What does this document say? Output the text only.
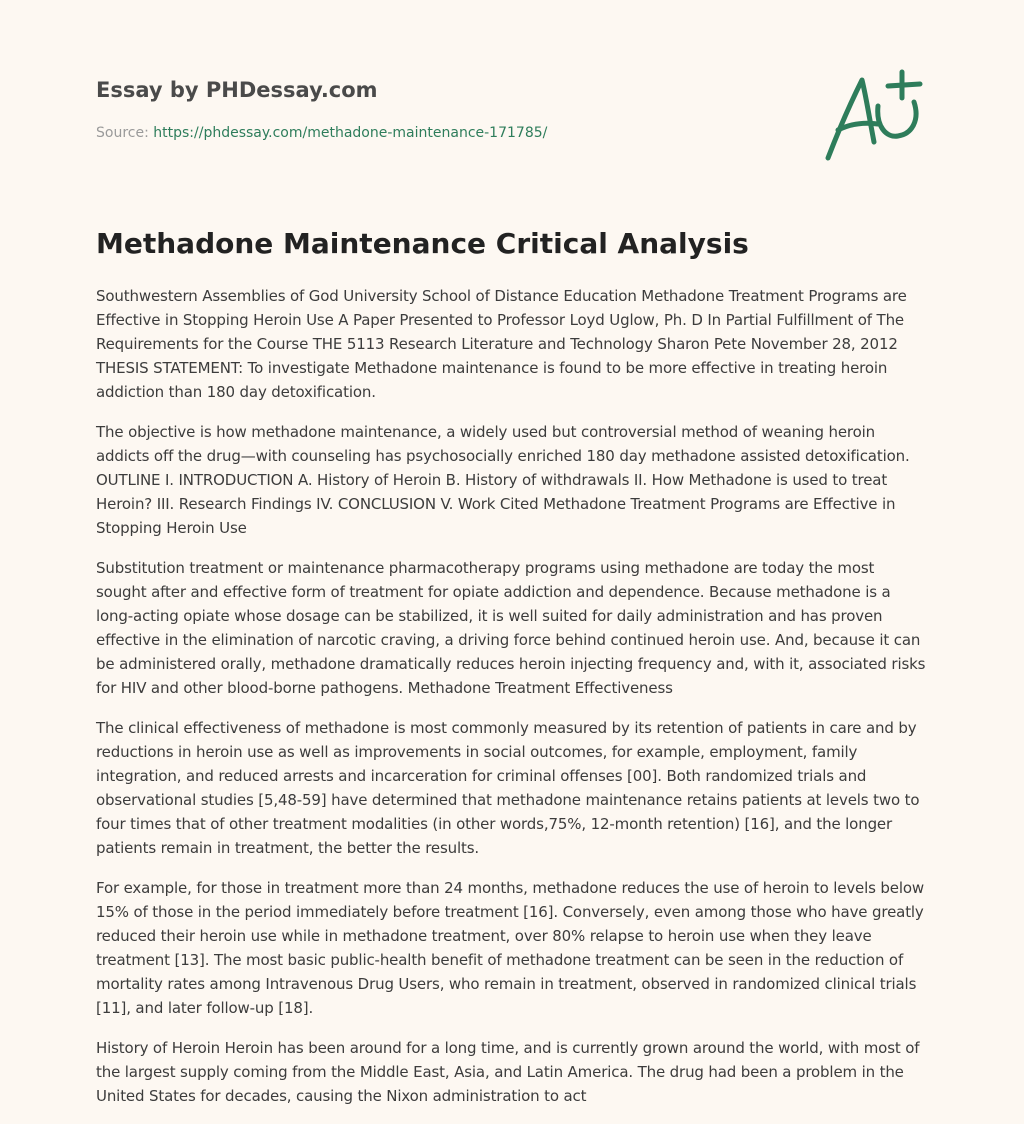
Essay by PHDessay.com
Source: https://phdessay.com/methadone-maintenance-171785/
Methadone Maintenance Critical Analysis

Southwestern Assemblies of God University School of Distance Education Methadone Treatment Programs are Effective in Stopping Heroin Use A Paper Presented to Professor Loyd Uglow, Ph. D In Partial Fulfillment of The Requirements for the Course THE 5113 Research Literature and Technology Sharon Pete November 28, 2012 THESIS STATEMENT: To investigate Methadone maintenance is found to be more effective in treating heroin addiction than 180 day detoxification.

The objective is how methadone maintenance, a widely used but controversial method of weaning heroin addicts off the drug—with counseling has psychosocially enriched 180 day methadone assisted detoxification. OUTLINE I. INTRODUCTION A. History of Heroin B. History of withdrawals II. How Methadone is used to treat Heroin? III. Research Findings IV. CONCLUSION V. Work Cited Methadone Treatment Programs are Effective in Stopping Heroin Use

Substitution treatment or maintenance pharmacotherapy programs using methadone are today the most sought after and effective form of treatment for opiate addiction and dependence. Because methadone is a long-acting opiate whose dosage can be stabilized, it is well suited for daily administration and has proven effective in the elimination of narcotic craving, a driving force behind continued heroin use. And, because it can be administered orally, methadone dramatically reduces heroin injecting frequency and, with it, associated risks for HIV and other blood-borne pathogens. Methadone Treatment Effectiveness

The clinical effectiveness of methadone is most commonly measured by its retention of patients in care and by reductions in heroin use as well as improvements in social outcomes, for example, employment, family integration, and reduced arrests and incarceration for criminal offenses [00]. Both randomized trials and observational studies [5,48-59] have determined that methadone maintenance retains patients at levels two to four times that of other treatment modalities (in other words,75%, 12-month retention) [16], and the longer patients remain in treatment, the better the results.

For example, for those in treatment more than 24 months, methadone reduces the use of heroin to levels below 15% of those in the period immediately before treatment [16]. Conversely, even among those who have greatly reduced their heroin use while in methadone treatment, over 80% relapse to heroin use when they leave treatment [13]. The most basic public-health benefit of methadone treatment can be seen in the reduction of mortality rates among Intravenous Drug Users, who remain in treatment, observed in randomized clinical trials [11], and later follow-up [18].

History of Heroin Heroin has been around for a long time, and is currently grown around the world, with most of the largest supply coming from the Middle East, Asia, and Latin America. The drug had been a problem in the United States for decades, causing the Nixon administration to act
